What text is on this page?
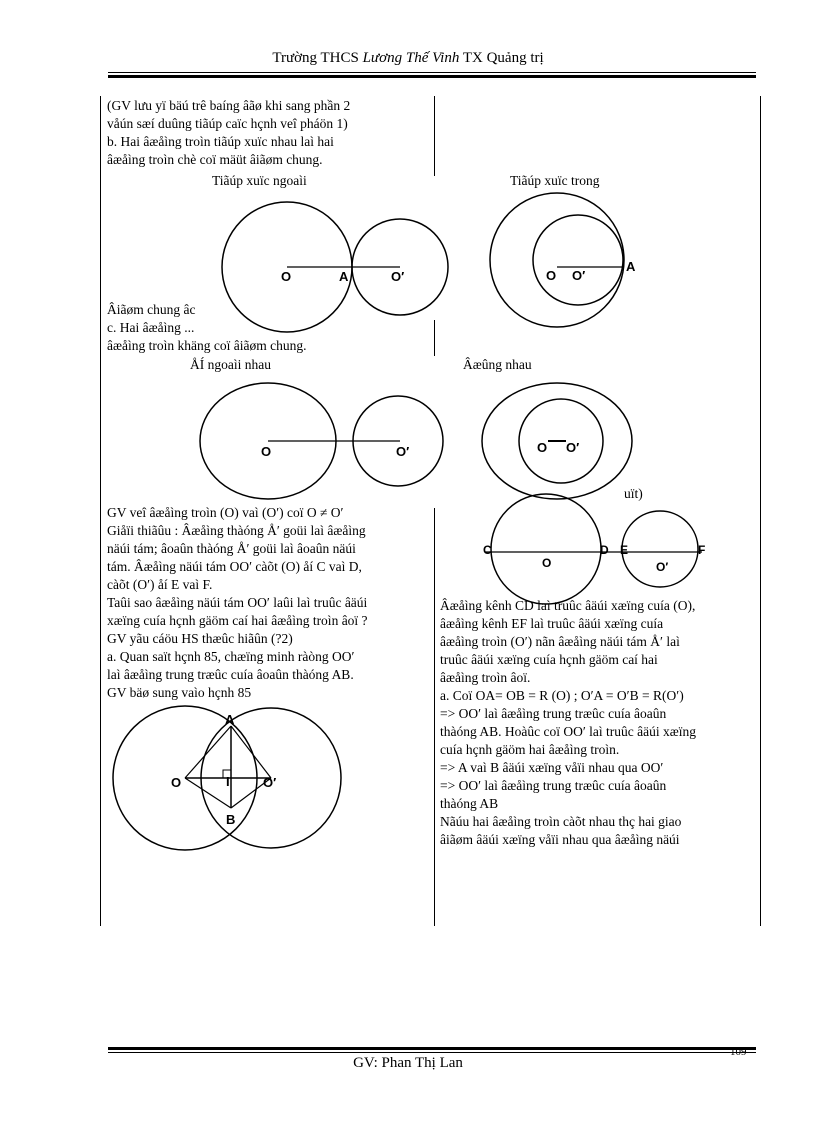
Trường THCS Lương Thế Vinh TX Quảng trị
(GV lưu yï bäú trê baíng âãø khi sang phần 2
våún sæí duûng tiãúp caïc hçnh veî pháön 1)
b. Hai âæåìng troìn tiãúp xuïc nhau laì hai
âæåìng troìn chè coï mäüt âiãøm chung.
Tiãúp xuïc ngoaìi	Tiãúp xuïc trong
O	A	O′	O O′
A
Âiãøm chung âc
c. Hai âæåìng ...
âæåìng troìn khäng coï âiãøm chung.
ÅÍ ngoaìi nhau	Âæûng nhau
O	O′	O O′
uït)
GV veî âæåìng troìn (O) vaì (O′) coï O ≠ O′
Giåïi thiãûu : Âæåìng thàóng Å′ goüi laì âæåìng
näúi tám; âoaûn thàóng Å′ goüi laì âoaûn näúi
tám. Âæåìng näúi tám OO′ càõt (O) åí C vaì D,
càõt (O′) åí E vaì F.
Taûi sao âæåìng näúi tám OO′ laûi laì truûc âäúi
xæïng cuía hçnh gäöm caí hai âæåìng troìn âoï ?
GV yãu cáöu HS thæûc hiãûn (?2)
a. Quan saït hçnh 85, chæïng minh ràòng OO′
laì âæåìng trung træûc cuía âoaûn thàóng AB.
GV bäø sung vaìo hçnh 85
C
O
D E
O′
F
Âæåìng kênh CD laì truûc âäúi xæïng cuía (O),
âæåìng kênh EF laì truûc âäúi xæïng cuía
âæåìng troìn (O′) nãn âæåìng näúi tám Å′ laì
truûc âäúi xæïng cuía hçnh gäöm caí hai
âæåìng troìn âoï.
a. Coï OA= OB = R (O) ; O′A = O′B = R(O′)
=> OO′ laì âæåìng trung træûc cuía âoaûn
thàóng AB. Hoàûc coï OO′ laì truûc âäúi xæïng
cuía hçnh gäöm hai âæåìng troìn.
=> A vaì B âäúi xæïng våïi nhau qua OO′
=> OO′ laì âæåìng trung træûc cuía âoaûn
thàóng AB
Nãúu hai âæåìng troìn càõt nhau thç hai giao
âiãøm âäúi xæïng våïi nhau qua âæåìng näúi
A
O	I	O′
B
109
GV: Phan Thị Lan
